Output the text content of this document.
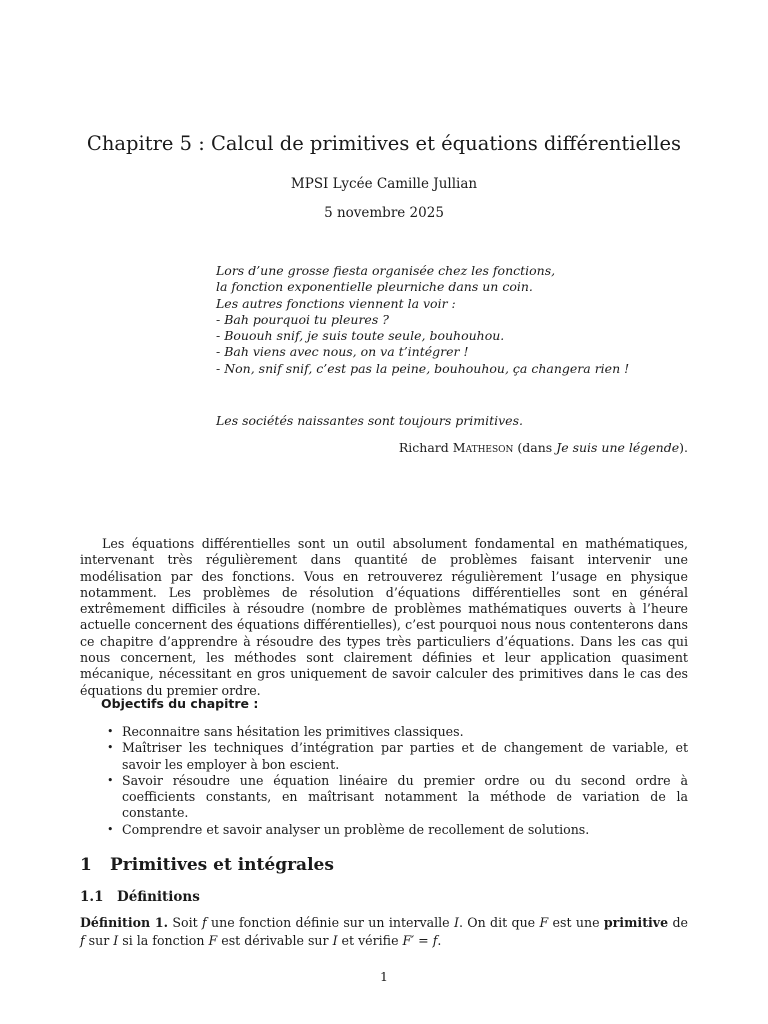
Chapitre 5 : Calcul de primitives et équations différentielles

MPSI Lycée Camille Jullian

5 novembre 2025

Lors d’une grosse fiesta organisée chez les fonctions,
la fonction exponentielle pleurniche dans un coin.
Les autres fonctions viennent la voir :
- Bah pourquoi tu pleures ?
- Bououh snif, je suis toute seule, bouhouhou.
- Bah viens avec nous, on va t’intégrer !
- Non, snif snif, c’est pas la peine, bouhouhou, ça changera rien !
Les sociétés naissantes sont toujours primitives.
Richard Matheson (dans Je suis une légende).

Les équations différentielles sont un outil absolument fondamental en mathématiques, intervenant très régulièrement dans quantité de problèmes faisant intervenir une modélisation par des fonctions. Vous en retrouverez régulièrement l’usage en physique notamment. Les problèmes de résolution d’équations différentielles sont en général extrêmement difficiles à résoudre (nombre de problèmes mathématiques ouverts à l’heure actuelle concernent des équations différentielles), c’est pourquoi nous nous contenterons dans ce chapitre d’apprendre à résoudre des types très particuliers d’équations. Dans les cas qui nous concernent, les méthodes sont clairement définies et leur application quasiment mécanique, nécessitant en gros uniquement de savoir calculer des primitives dans le cas des équations du premier ordre.

Objectifs du chapitre :

• Reconnaitre sans hésitation les primitives classiques.
• Maîtriser les techniques d’intégration par parties et de changement de variable, et savoir les employer à bon escient.
• Savoir résoudre une équation linéaire du premier ordre ou du second ordre à coefficients constants, en maîtrisant notamment la méthode de variation de la constante.
• Comprendre et savoir analyser un problème de recollement de solutions.
1 Primitives et intégrales
1.1 Définitions

Définition 1. Soit f une fonction définie sur un intervalle I. On dit que F est une primitive de f sur I si la fonction F est dérivable sur I et vérifie F′ = f.

1
